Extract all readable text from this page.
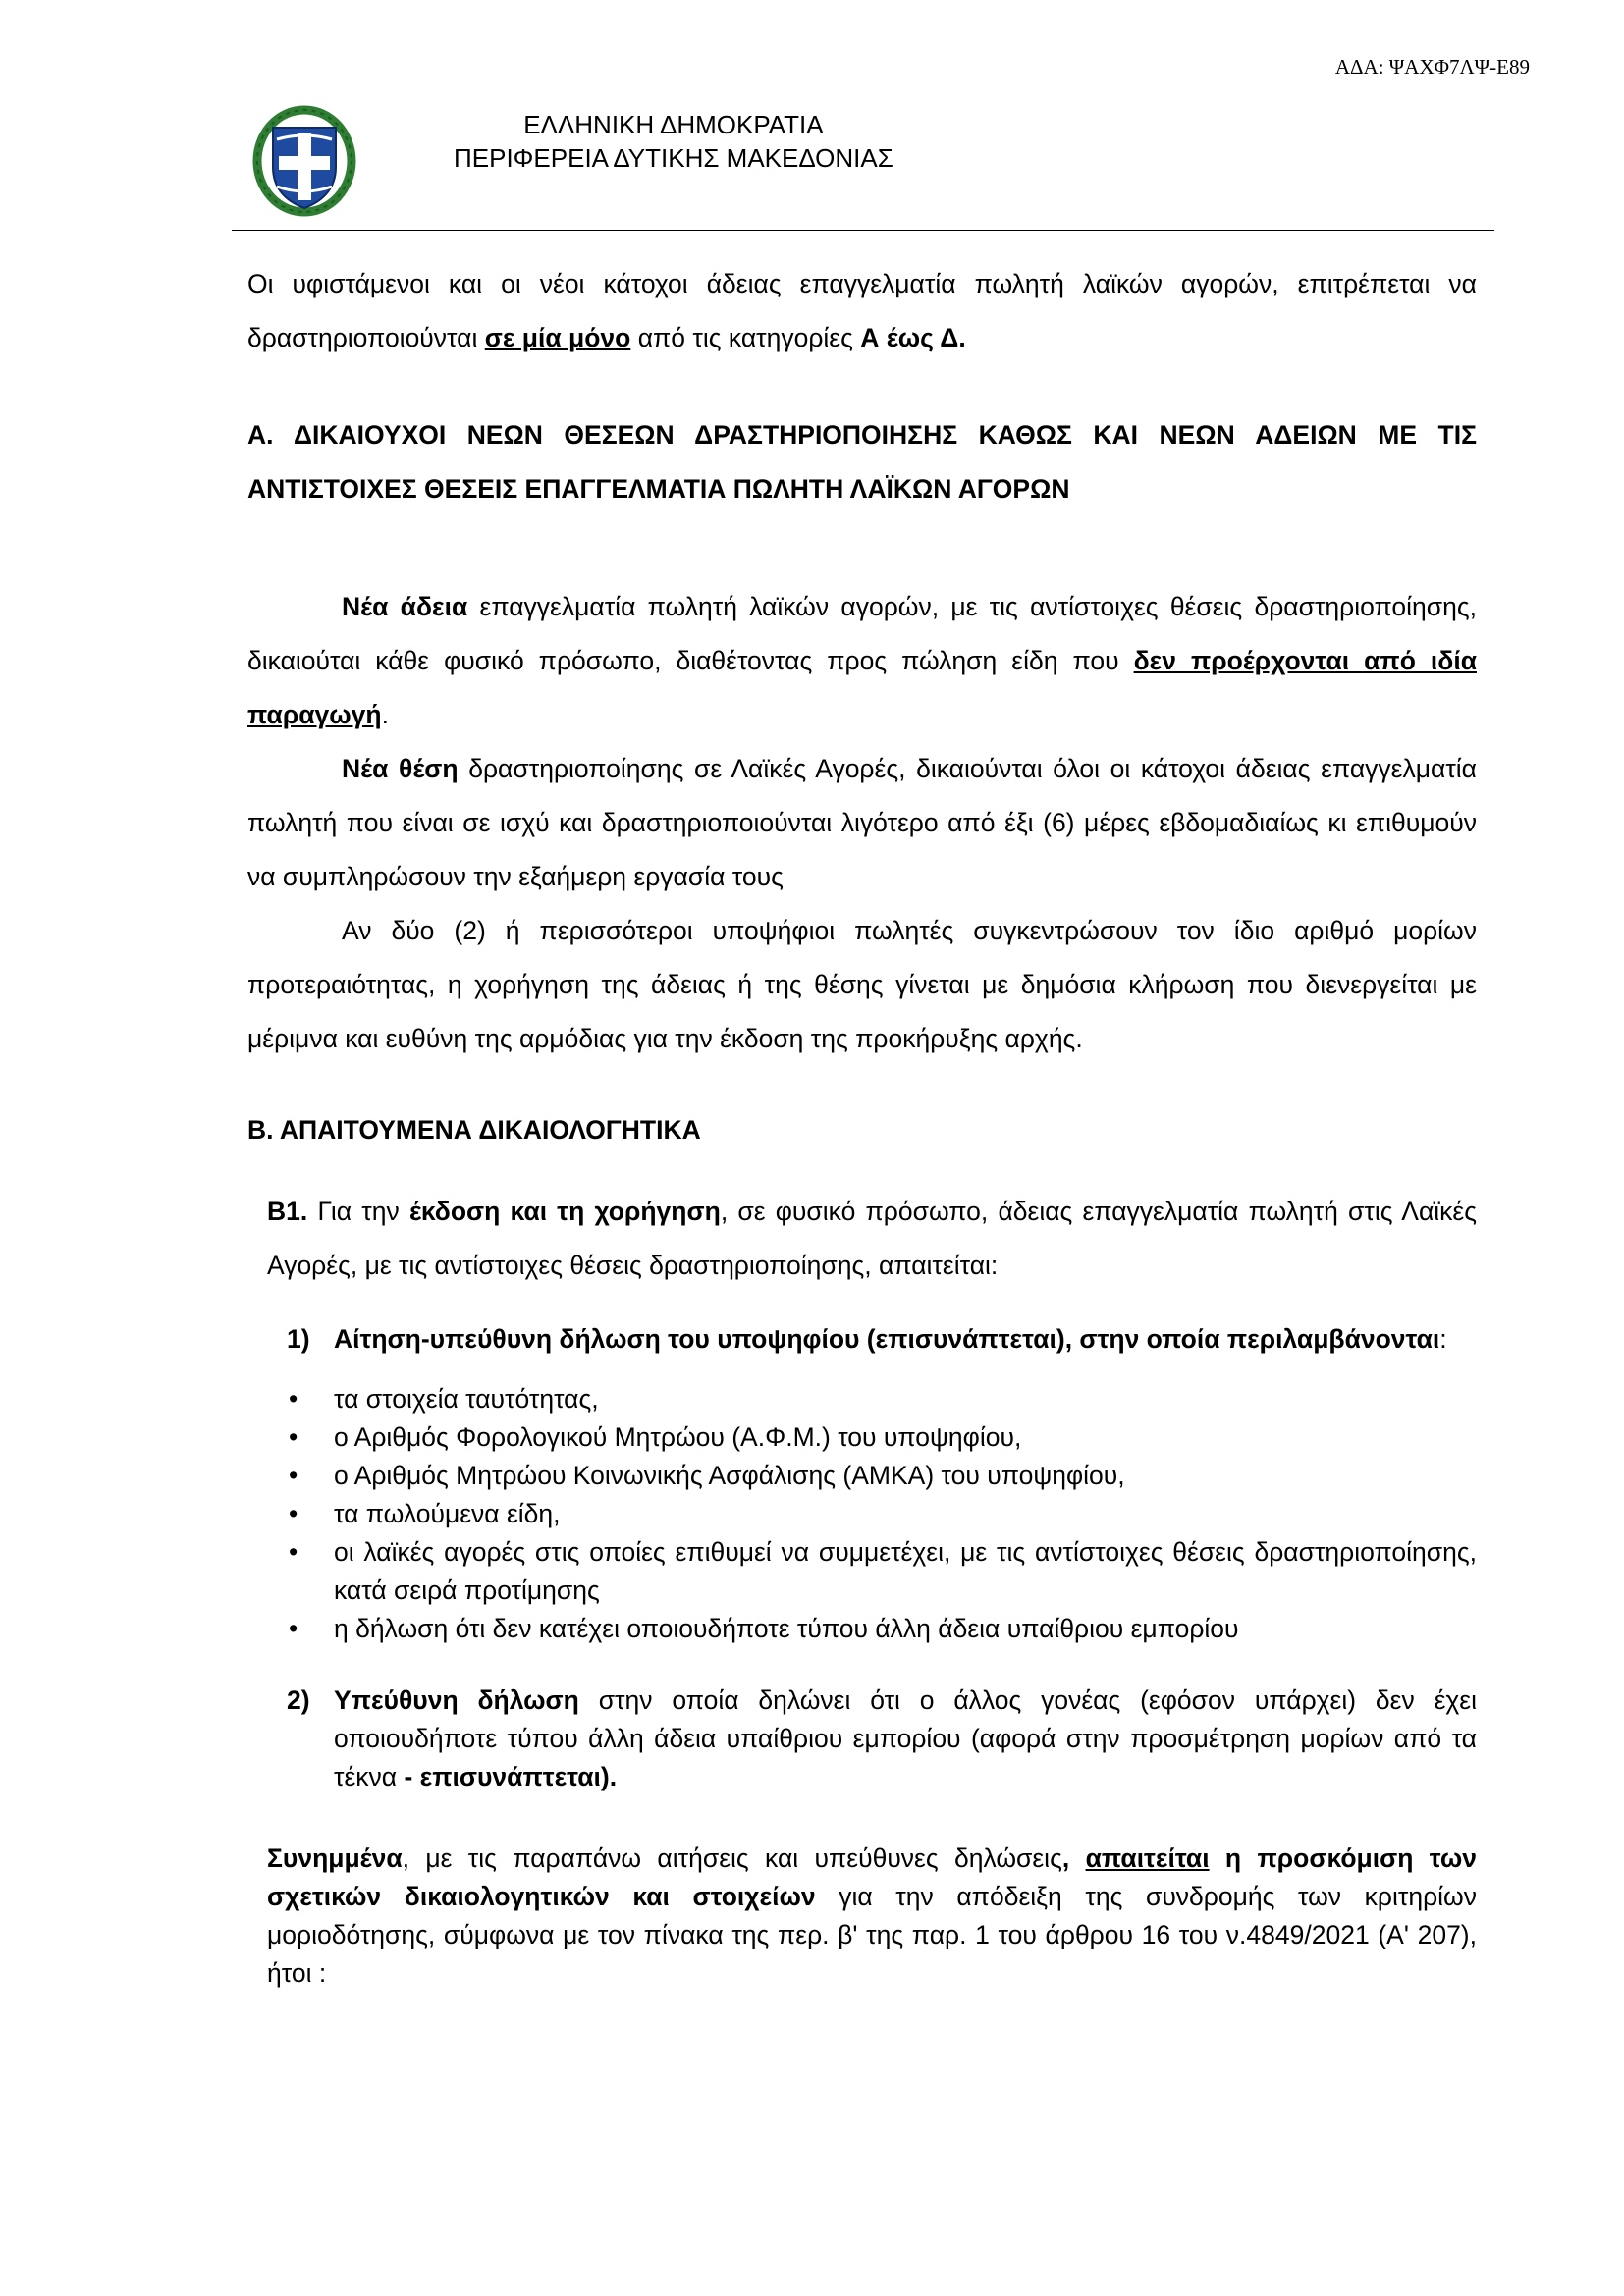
ΑΔΑ: ΨΑΧΦ7ΛΨ-Ε89
ΕΛΛΗΝΙΚΗ ΔΗΜΟΚΡΑΤΙΑ
ΠΕΡΙΦΕΡΕΙΑ ΔΥΤΙΚΗΣ ΜΑΚΕΔΟΝΙΑΣ

Οι υφιστάμενοι και οι νέοι κάτοχοι άδειας επαγγελματία πωλητή λαϊκών αγορών, επιτρέπεται να δραστηριοποιούνται σε μία μόνο από τις κατηγορίες Α έως Δ.

Α. ΔΙΚΑΙΟΥΧΟΙ ΝΕΩΝ ΘΕΣΕΩΝ ΔΡΑΣΤΗΡΙΟΠΟΙΗΣΗΣ ΚΑΘΩΣ ΚΑΙ ΝΕΩΝ ΑΔΕΙΩΝ ΜΕ ΤΙΣ ΑΝΤΙΣΤΟΙΧΕΣ ΘΕΣΕΙΣ ΕΠΑΓΓΕΛΜΑΤΙΑ ΠΩΛΗΤΗ ΛΑΪΚΩΝ ΑΓΟΡΩΝ

Νέα άδεια επαγγελματία πωλητή λαϊκών αγορών, με τις αντίστοιχες θέσεις δραστηριοποίησης, δικαιούται κάθε φυσικό πρόσωπο, διαθέτοντας προς πώληση είδη που δεν προέρχονται από ιδία παραγωγή.

Νέα θέση δραστηριοποίησης σε Λαϊκές Αγορές, δικαιούνται όλοι οι κάτοχοι άδειας επαγγελματία πωλητή που είναι σε ισχύ και δραστηριοποιούνται λιγότερο από έξι (6) μέρες εβδομαδιαίως κι επιθυμούν να συμπληρώσουν την εξαήμερη εργασία τους

Αν δύο (2) ή περισσότεροι υποψήφιοι πωλητές συγκεντρώσουν τον ίδιο αριθμό μορίων προτεραιότητας, η χορήγηση της άδειας ή της θέσης γίνεται με δημόσια κλήρωση που διενεργείται με μέριμνα και ευθύνη της αρμόδιας για την έκδοση της προκήρυξης αρχής.

Β. ΑΠΑΙΤΟΥΜΕΝΑ ΔΙΚΑΙΟΛΟΓΗΤΙΚΑ

Β1. Για την έκδοση και τη χορήγηση, σε φυσικό πρόσωπο, άδειας επαγγελματία πωλητή στις Λαϊκές Αγορές, με τις αντίστοιχες θέσεις δραστηριοποίησης, απαιτείται:

1) Αίτηση-υπεύθυνη δήλωση του υποψηφίου (επισυνάπτεται), στην οποία περιλαμβάνονται:
• τα στοιχεία ταυτότητας,
• ο Αριθμός Φορολογικού Μητρώου (Α.Φ.Μ.) του υποψηφίου,
• ο Αριθμός Μητρώου Κοινωνικής Ασφάλισης (ΑΜΚΑ) του υποψηφίου,
• τα πωλούμενα είδη,
• οι λαϊκές αγορές στις οποίες επιθυμεί να συμμετέχει, με τις αντίστοιχες θέσεις δραστηριοποίησης, κατά σειρά προτίμησης
• η δήλωση ότι δεν κατέχει οποιουδήποτε τύπου άλλη άδεια υπαίθριου εμπορίου
2) Υπεύθυνη δήλωση στην οποία δηλώνει ότι ο άλλος γονέας (εφόσον υπάρχει) δεν έχει οποιουδήποτε τύπου άλλη άδεια υπαίθριου εμπορίου (αφορά στην προσμέτρηση μορίων από τα τέκνα - επισυνάπτεται).

Συνημμένα, με τις παραπάνω αιτήσεις και υπεύθυνες δηλώσεις, απαιτείται η προσκόμιση των σχετικών δικαιολογητικών και στοιχείων για την απόδειξη της συνδρομής των κριτηρίων μοριοδότησης, σύμφωνα με τον πίνακα της περ. β' της παρ. 1 του άρθρου 16 του ν.4849/2021 (Α' 207), ήτοι :
